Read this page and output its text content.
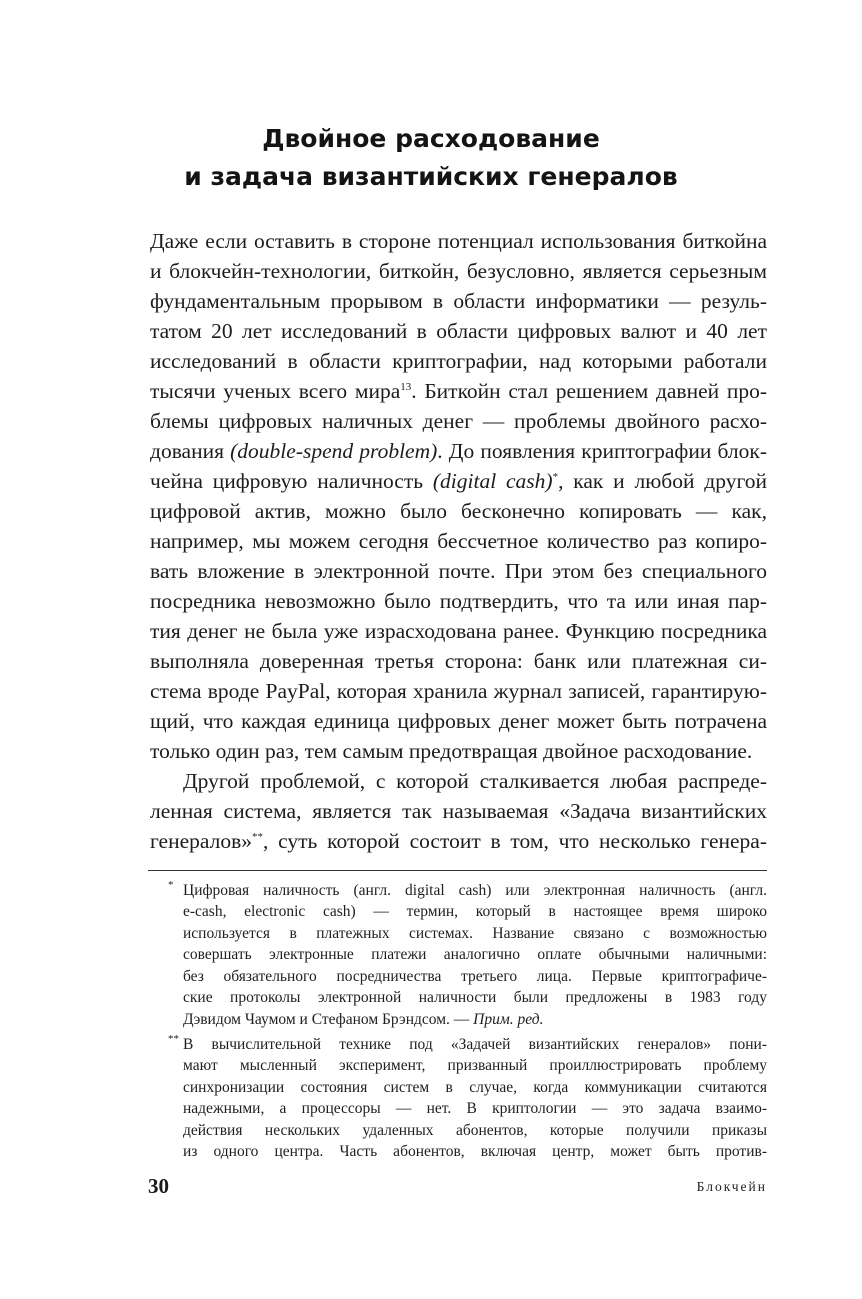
Двойное расходование
и задача византийских генералов
Даже если оставить в стороне потенциал использования биткойна
и блокчейн-технологии, биткойн, безусловно, является серьезным
фундаментальным прорывом в области информатики — резуль-
татом 20 лет исследований в области цифровых валют и 40 лет
исследований в области криптографии, над которыми работали
тысячи ученых всего мира$^{13}$. Биткойн стал решением давней про-
блемы цифровых наличных денег — проблемы двойного расхо-
дования (double-spend problem). До появления криптографии блок-
чейна цифровую наличность (digital cash)*, как и любой другой
цифровой актив, можно было бесконечно копировать — как,
например, мы можем сегодня бессчетное количество раз копиро-
вать вложение в электронной почте. При этом без специального
посредника невозможно было подтвердить, что та или иная пар-
тия денег не была уже израсходована ранее. Функцию посредника
выполняла доверенная третья сторона: банк или платежная си-
стема вроде PayPal, которая хранила журнал записей, гарантирую-
щий, что каждая единица цифровых денег может быть потрачена
только один раз, тем самым предотвращая двойное расходование.
Другой проблемой, с которой сталкивается любая распреде-
ленная система, является так называемая «Задача византийских
генералов»**, суть которой состоит в том, что несколько генера-
* Цифровая наличность (англ. digital cash) или электронная наличность (англ.
e-cash, electronic cash) — термин, который в настоящее время широко
используется в платежных системах. Название связано с возможностью
совершать электронные платежи аналогично оплате обычными наличными:
без обязательного посредничества третьего лица. Первые криптографиче-
ские протоколы электронной наличности были предложены в 1983 году
Дэвидом Чаумом и Стефаном Брэндсом. — Прим. ред.
** В вычислительной технике под «Задачей византийских генералов» пони-
мают мысленный эксперимент, призванный проиллюстрировать проблему
синхронизации состояния систем в случае, когда коммуникации считаются
надежными, а процессоры — нет. В криптологии — это задача взаимо-
действия нескольких удаленных абонентов, которые получили приказы
из одного центра. Часть абонентов, включая центр, может быть против-
30	Блокчейн
